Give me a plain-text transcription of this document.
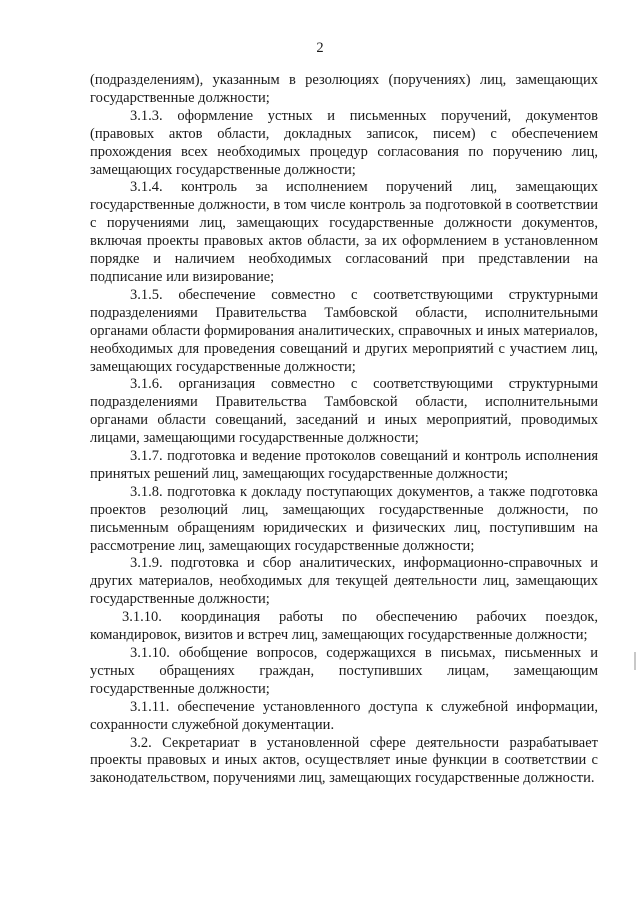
2

(подразделениям), указанным в резолюциях (поручениях) лиц, замещающих государственные должности;

3.1.3. оформление устных и письменных поручений, документов (правовых актов области, докладных записок, писем) с обеспечением прохождения всех необходимых процедур согласования по поручению лиц, замещающих государственные должности;

3.1.4. контроль за исполнением поручений лиц, замещающих государственные должности, в том числе контроль за подготовкой в соответствии с поручениями лиц, замещающих государственные должности документов, включая проекты правовых актов области, за их оформлением в установленном порядке и наличием необходимых согласований при представлении на подписание или визирование;

3.1.5. обеспечение совместно с соответствующими структурными подразделениями Правительства Тамбовской области, исполнительными органами области формирования аналитических, справочных и иных материалов, необходимых для проведения совещаний и других мероприятий с участием лиц, замещающих государственные должности;

3.1.6. организация совместно с соответствующими структурными подразделениями Правительства Тамбовской области, исполнительными органами области совещаний, заседаний и иных мероприятий, проводимых лицами, замещающими государственные должности;

3.1.7. подготовка и ведение протоколов совещаний и контроль исполнения принятых решений лиц, замещающих государственные должности;

3.1.8. подготовка к докладу поступающих документов, а также подготовка проектов резолюций лиц, замещающих государственные должности, по письменным обращениям юридических и физических лиц, поступившим на рассмотрение лиц, замещающих государственные должности;

3.1.9. подготовка и сбор аналитических, информационно-справочных и других материалов, необходимых для текущей деятельности лиц, замещающих государственные должности;

3.1.10. координация работы по обеспечению рабочих поездок, командировок, визитов и встреч лиц, замещающих государственные должности;

3.1.10. обобщение вопросов, содержащихся в письмах, письменных и устных обращениях граждан, поступивших лицам, замещающим государственные должности;

3.1.11. обеспечение установленного доступа к служебной информации, сохранности служебной документации.

3.2. Секретариат в установленной сфере деятельности разрабатывает проекты правовых и иных актов, осуществляет иные функции в соответствии с законодательством, поручениями лиц, замещающих государственные должности.
